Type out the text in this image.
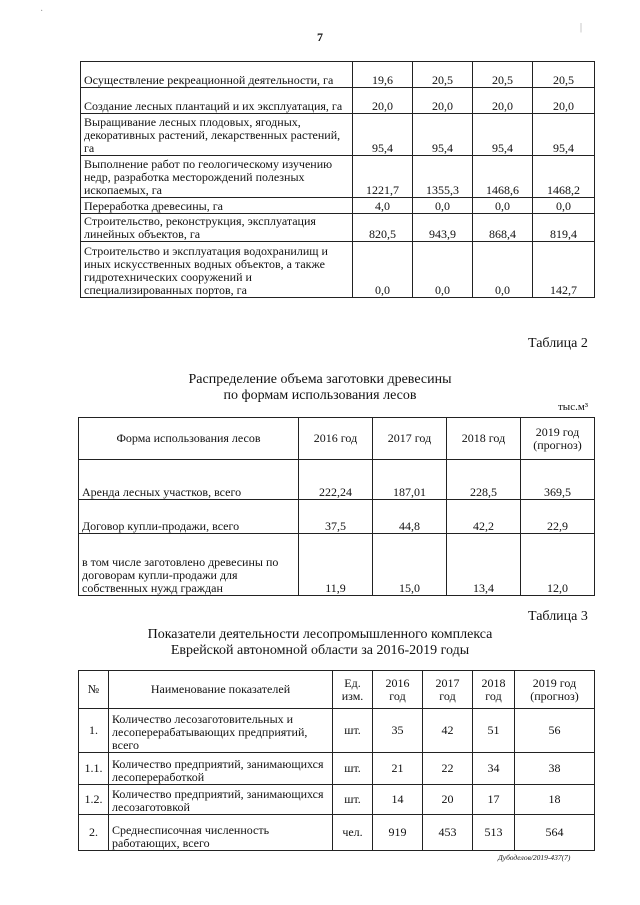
·
|
7
Осуществление рекреационной деятельности, га	19,6	20,5	20,5	20,5
Создание лесных плантаций и их эксплуатация, га	20,0	20,0	20,0	20,0
Выращивание лесных плодовых, ягодных, декоративных растений, лекарственных растений, га	95,4	95,4	95,4	95,4
Выполнение работ по геологическому изучению недр, разработка месторождений полезных ископаемых, га	1221,7	1355,3	1468,6	1468,2
Переработка древесины, га	4,0	0,0	0,0	0,0
Строительство, реконструкция, эксплуатация линейных объектов, га	820,5	943,9	868,4	819,4
Строительство и эксплуатация водохранилищ и иных искусственных водных объектов, а также гидротехнических сооружений и специализированных портов, га	0,0	0,0	0,0	142,7
Таблица 2
Распределение объема заготовки древесины
по формам использования лесов
тыс.м³
Форма использования лесов	2016 год	2017 год	2018 год	2019 год (прогноз)
Аренда лесных участков, всего	222,24	187,01	228,5	369,5
Договор купли-продажи, всего	37,5	44,8	42,2	22,9
в том числе заготовлено древесины по договорам купли-продажи для собственных нужд граждан	11,9	15,0	13,4	12,0
Таблица 3
Показатели деятельности лесопромышленного комплекса
Еврейской автономной области за 2016-2019 годы
№	Наименование показателей	Ед. изм.	2016 год	2017 год	2018 год	2019 год (прогноз)
1.	Количество лесозаготовительных и лесоперерабатывающих предприятий, всего	шт.	35	42	51	56
1.1.	Количество предприятий, занимающихся лесопереработкой	шт.	21	22	34	38
1.2.	Количество предприятий, занимающихся лесозаготовкой	шт.	14	20	17	18
2.	Среднесписочная численность работающих, всего	чел.	919	453	513	564
Дубоделов/2019-437(7)
